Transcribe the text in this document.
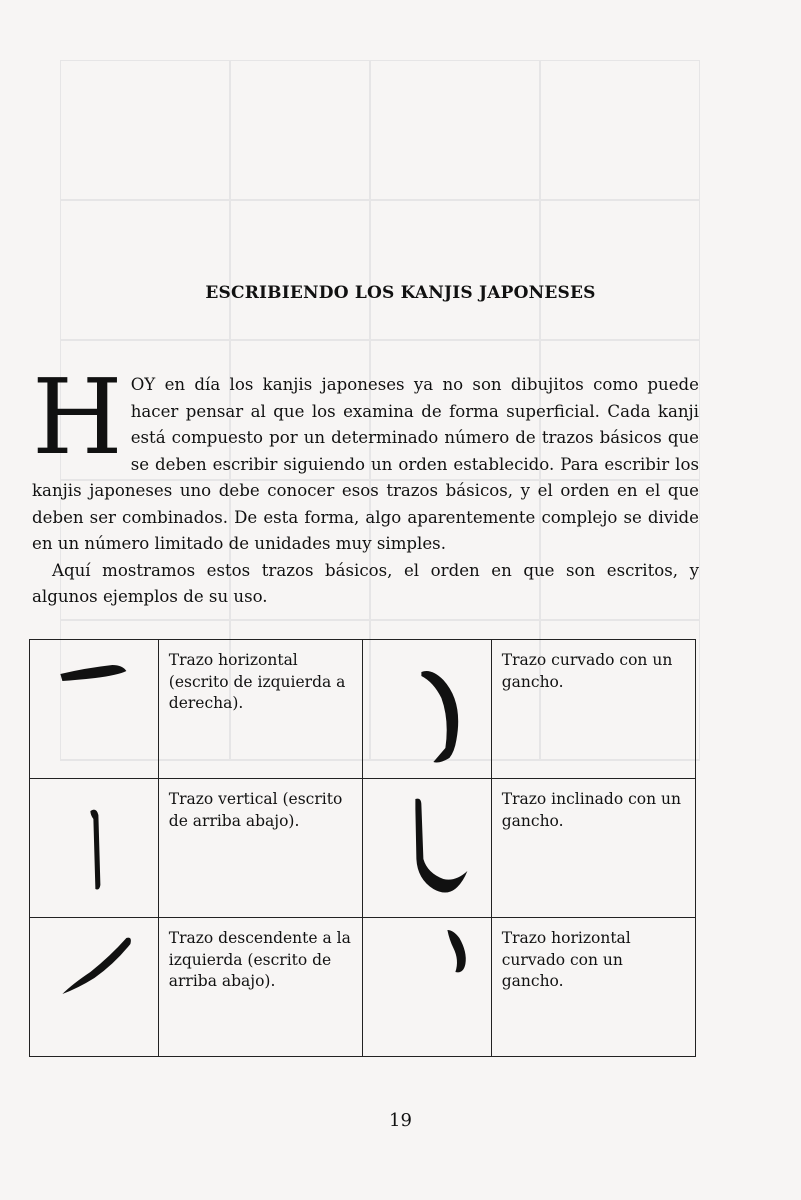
ESCRIBIENDO LOS KANJIS JAPONESES

HOY en día los kanjis japoneses ya no son dibujitos como puede hacer pensar al que los examina de forma superficial. Cada kanji está compuesto por un determinado número de trazos básicos que se deben escribir siguiendo un orden establecido. Para escribir los kanjis japoneses uno debe conocer esos trazos básicos, y el orden en el que deben ser combinados. De esta forma, algo aparentemente complejo se divide en un número limitado de unidades muy simples.

Aquí mostramos estos trazos básicos, el orden en que son escritos, y algunos ejemplos de su uso.

Trazo horizontal (escrito de izquierda a derecha).		Trazo curvado con un gancho.

Trazo vertical (escrito de arriba abajo).		Trazo inclinado con un gancho.

Trazo descendente a la izquierda (escrito de arriba abajo).		Trazo horizontal curvado con un gancho.
19
